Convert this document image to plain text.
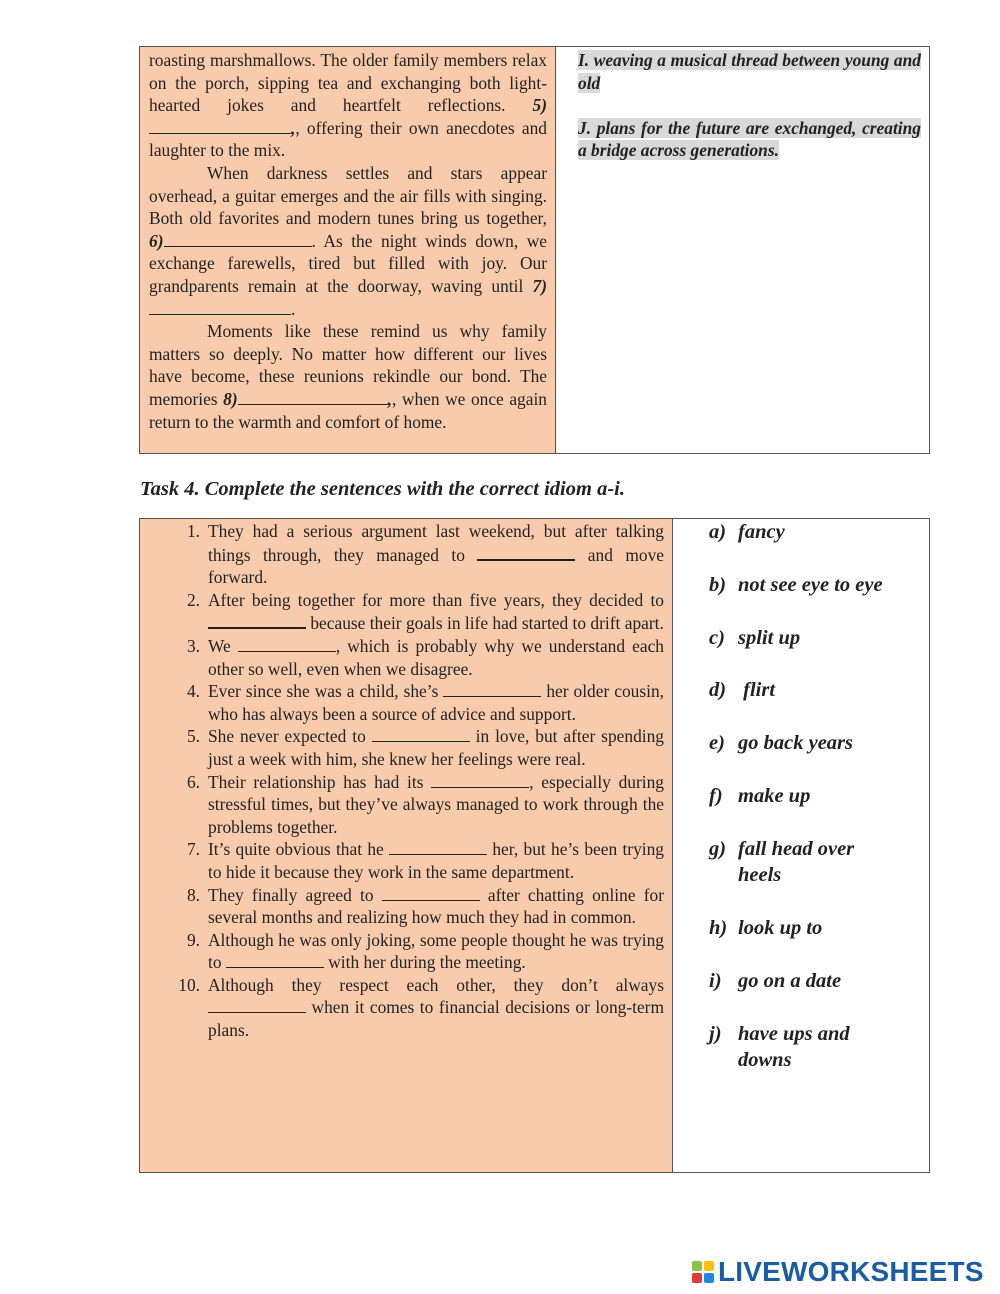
roasting marshmallows. The older family members relax on the porch, sipping tea and exchanging both light-hearted jokes and heartfelt reflections. 5),, offering their own anecdotes and laughter to the mix.

When darkness settles and stars appear overhead, a guitar emerges and the air fills with singing. Both old favorites and modern tunes bring us together, 6)	. As the night winds down, we exchange farewells, tired but filled with joy. Our grandparents remain at the doorway, waving until 7).

Moments like these remind us why family matters so deeply. No matter how different our lives have become, these reunions rekindle our bond. The memories 8)	,, when we once again return to the warmth and comfort of home.

I. weaving a musical thread between young and old

J. plans for the future are exchanged, creating a bridge across generations.

Task 4. Complete the sentences with the correct idiom a-i.
1. They had a serious argument last weekend, but after talking things through, they managed to	and move forward.
2. After being together for more than five years, they decided to  because their goals in life had started to drift apart.
3. We	, which is probably why we understand each other so well, even when we disagree.
4. Ever since she was a child, she’s	her older cousin, who has always been a source of advice and support.
5. She never expected to	in love, but after spending just a week with him, she knew her feelings were real.
6. Their relationship has had its	, especially during stressful times, but they’ve always managed to work through the problems together.
7. It’s quite obvious that he	her, but he’s been trying to hide it because they work in the same department.
8. They finally agreed to	after chatting online for several months and realizing how much they had in common.
9. Although he was only joking, some people thought he was trying to	with her during the meeting.
10. Although they respect each other, they don’t always  when it comes to financial decisions or long-term plans.
a) fancy
b) not see eye to eye
c) split up
d) flirt
e) go back years
f) make up
g) fall head over heels
h) look up to
i) go on a date
j) have ups and downs
LIVEWORKSHEETS
